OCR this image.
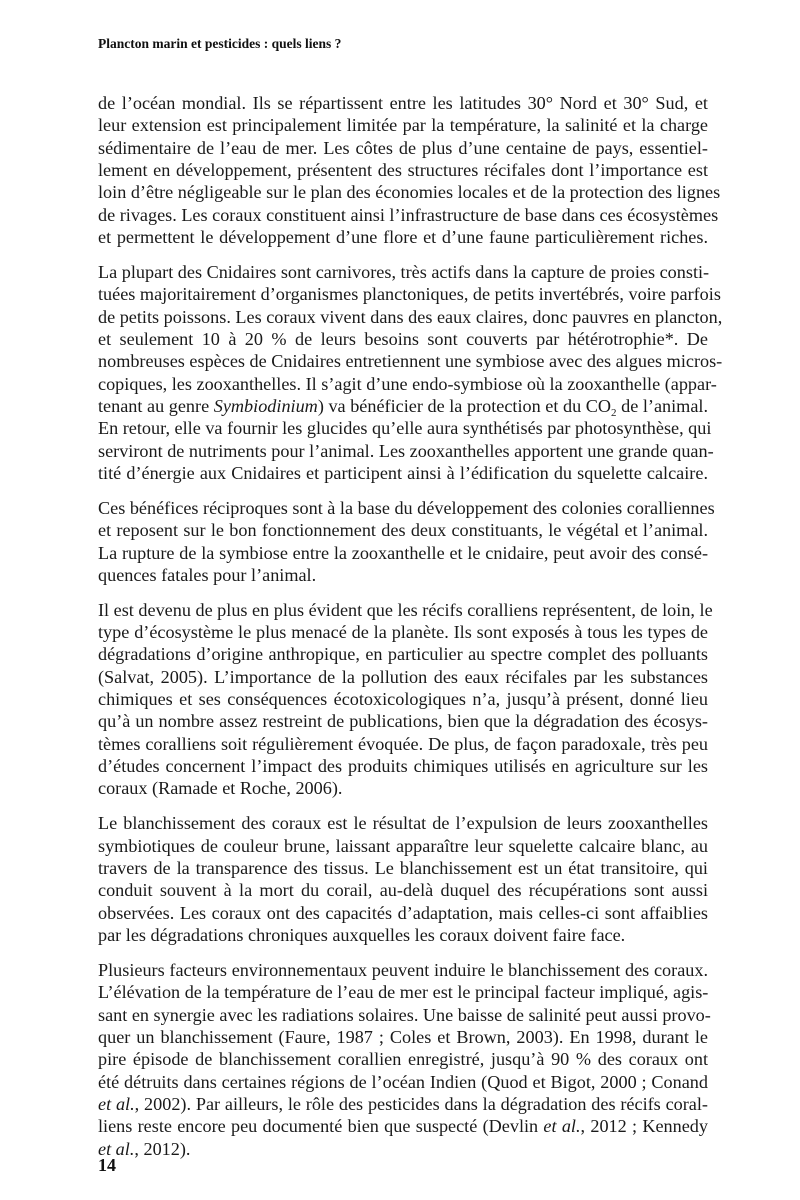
Plancton marin et pesticides : quels liens ?

de l’océan mondial. Ils se répartissent entre les latitudes 30° Nord et 30° Sud, et
leur extension est principalement limitée par la température, la salinité et la charge
sédimentaire de l’eau de mer. Les côtes de plus d’une centaine de pays, essentiel-
lement en développement, présentent des structures récifales dont l’importance est
loin d’être négligeable sur le plan des économies locales et de la protection des lignes
de rivages. Les coraux constituent ainsi l’infrastructure de base dans ces écosystèmes
et permettent le développement d’une flore et d’une faune particulièrement riches.

La plupart des Cnidaires sont carnivores, très actifs dans la capture de proies consti-
tuées majoritairement d’organismes planctoniques, de petits invertébrés, voire parfois
de petits poissons. Les coraux vivent dans des eaux claires, donc pauvres en plancton,
et seulement 10 à 20 % de leurs besoins sont couverts par hétérotrophie*. De
nombreuses espèces de Cnidaires entretiennent une symbiose avec des algues micros-
copiques, les zooxanthelles. Il s’agit d’une endo-symbiose où la zooxanthelle (appar-
tenant au genre Symbiodinium) va bénéficier de la protection et du $CO_2$ de l’animal.
En retour, elle va fournir les glucides qu’elle aura synthétisés par photosynthèse, qui
serviront de nutriments pour l’animal. Les zooxanthelles apportent une grande quan-
tité d’énergie aux Cnidaires et participent ainsi à l’édification du squelette calcaire.

Ces bénéfices réciproques sont à la base du développement des colonies coralliennes
et reposent sur le bon fonctionnement des deux constituants, le végétal et l’animal.
La rupture de la symbiose entre la zooxanthelle et le cnidaire, peut avoir des consé-
quences fatales pour l’animal.

Il est devenu de plus en plus évident que les récifs coralliens représentent, de loin, le
type d’écosystème le plus menacé de la planète. Ils sont exposés à tous les types de
dégradations d’origine anthropique, en particulier au spectre complet des polluants
(Salvat, 2005). L’importance de la pollution des eaux récifales par les substances
chimiques et ses conséquences écotoxicologiques n’a, jusqu’à présent, donné lieu
qu’à un nombre assez restreint de publications, bien que la dégradation des écosys-
tèmes coralliens soit régulièrement évoquée. De plus, de façon paradoxale, très peu
d’études concernent l’impact des produits chimiques utilisés en agriculture sur les
coraux (Ramade et Roche, 2006).

Le blanchissement des coraux est le résultat de l’expulsion de leurs zooxanthelles
symbiotiques de couleur brune, laissant apparaître leur squelette calcaire blanc, au
travers de la transparence des tissus. Le blanchissement est un état transitoire, qui
conduit souvent à la mort du corail, au-delà duquel des récupérations sont aussi
observées. Les coraux ont des capacités d’adaptation, mais celles-ci sont affaiblies
par les dégradations chroniques auxquelles les coraux doivent faire face.

Plusieurs facteurs environnementaux peuvent induire le blanchissement des coraux.
L’élévation de la température de l’eau de mer est le principal facteur impliqué, agis-
sant en synergie avec les radiations solaires. Une baisse de salinité peut aussi provo-
quer un blanchissement (Faure, 1987 ; Coles et Brown, 2003). En 1998, durant le
pire épisode de blanchissement corallien enregistré, jusqu’à 90 % des coraux ont
été détruits dans certaines régions de l’océan Indien (Quod et Bigot, 2000 ; Conand
et al., 2002). Par ailleurs, le rôle des pesticides dans la dégradation des récifs coral-
liens reste encore peu documenté bien que suspecté (Devlin et al., 2012 ; Kennedy
et al., 2012).

14
